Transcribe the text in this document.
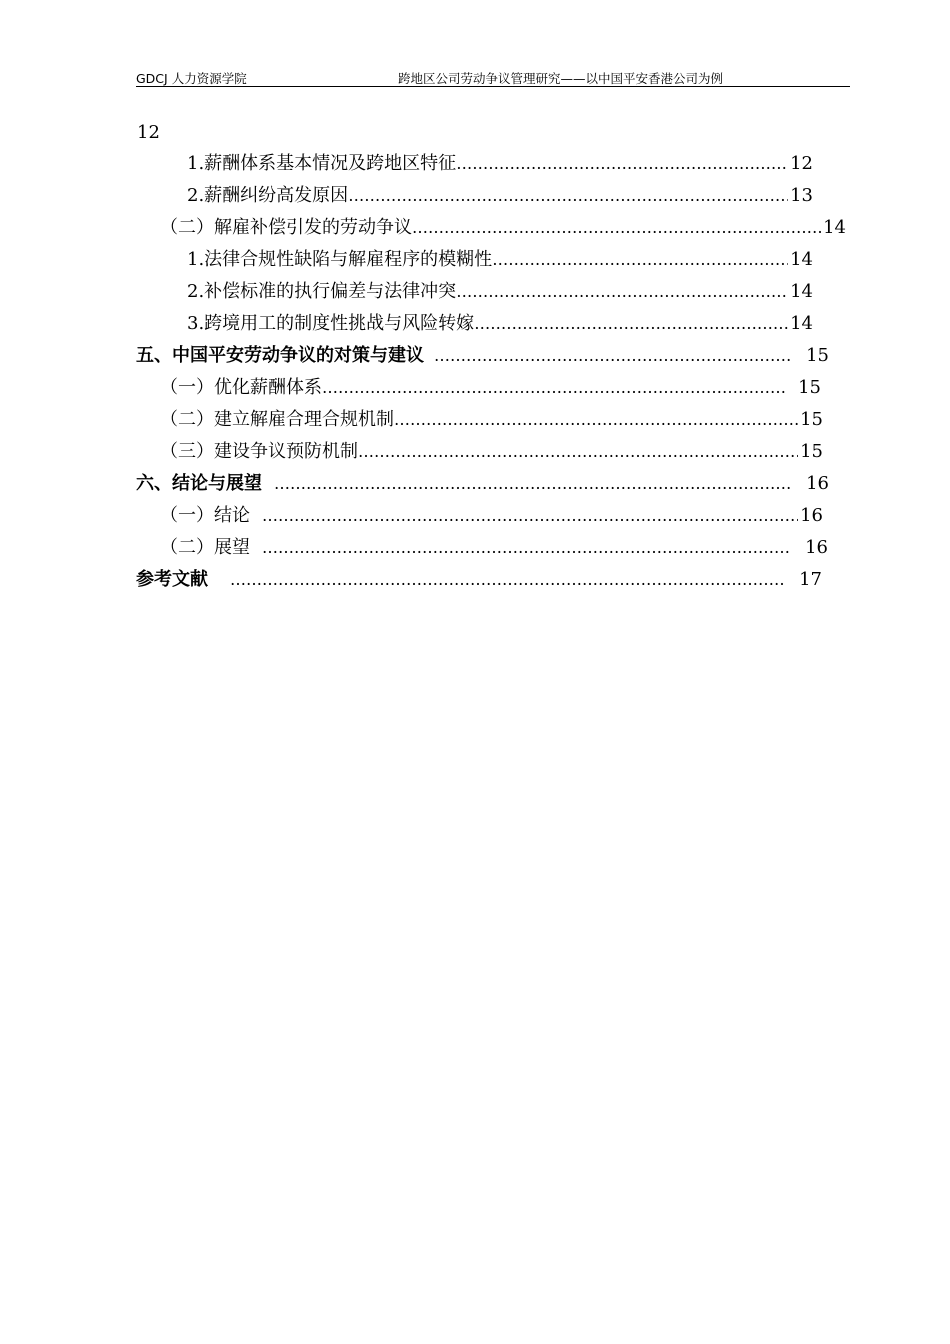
GDCJ 人力资源学院	跨地区公司劳动争议管理研究——以中国平安香港公司为例
12
1.薪酬体系基本情况及跨地区特征 …………………………………………………………………………………………………………………………………	12
2.薪酬纠纷高发原因 …………………………………………………………………………………………………………………………………	13
（二）解雇补偿引发的劳动争议 …………………………………………………………………………………………………………………………………	14
1.法律合规性缺陷与解雇程序的模糊性 …………………………………………………………………………………………………………………………………	14
2.补偿标准的执行偏差与法律冲突 …………………………………………………………………………………………………………………………………	14
3.跨境用工的制度性挑战与风险转嫁 …………………………………………………………………………………………………………………………………	14
五、中国平安劳动争议的对策与建议 …………………………………………………………………………………………………………………………………	15
（一）优化薪酬体系 …………………………………………………………………………………………………………………………………	15
（二）建立解雇合理合规机制 …………………………………………………………………………………………………………………………………	15
（三）建设争议预防机制 …………………………………………………………………………………………………………………………………	15
六、结论与展望 …………………………………………………………………………………………………………………………………	16
（一）结论 …………………………………………………………………………………………………………………………………	16
（二）展望 …………………………………………………………………………………………………………………………………	16
参考文献 …………………………………………………………………………………………………………………………………	17
